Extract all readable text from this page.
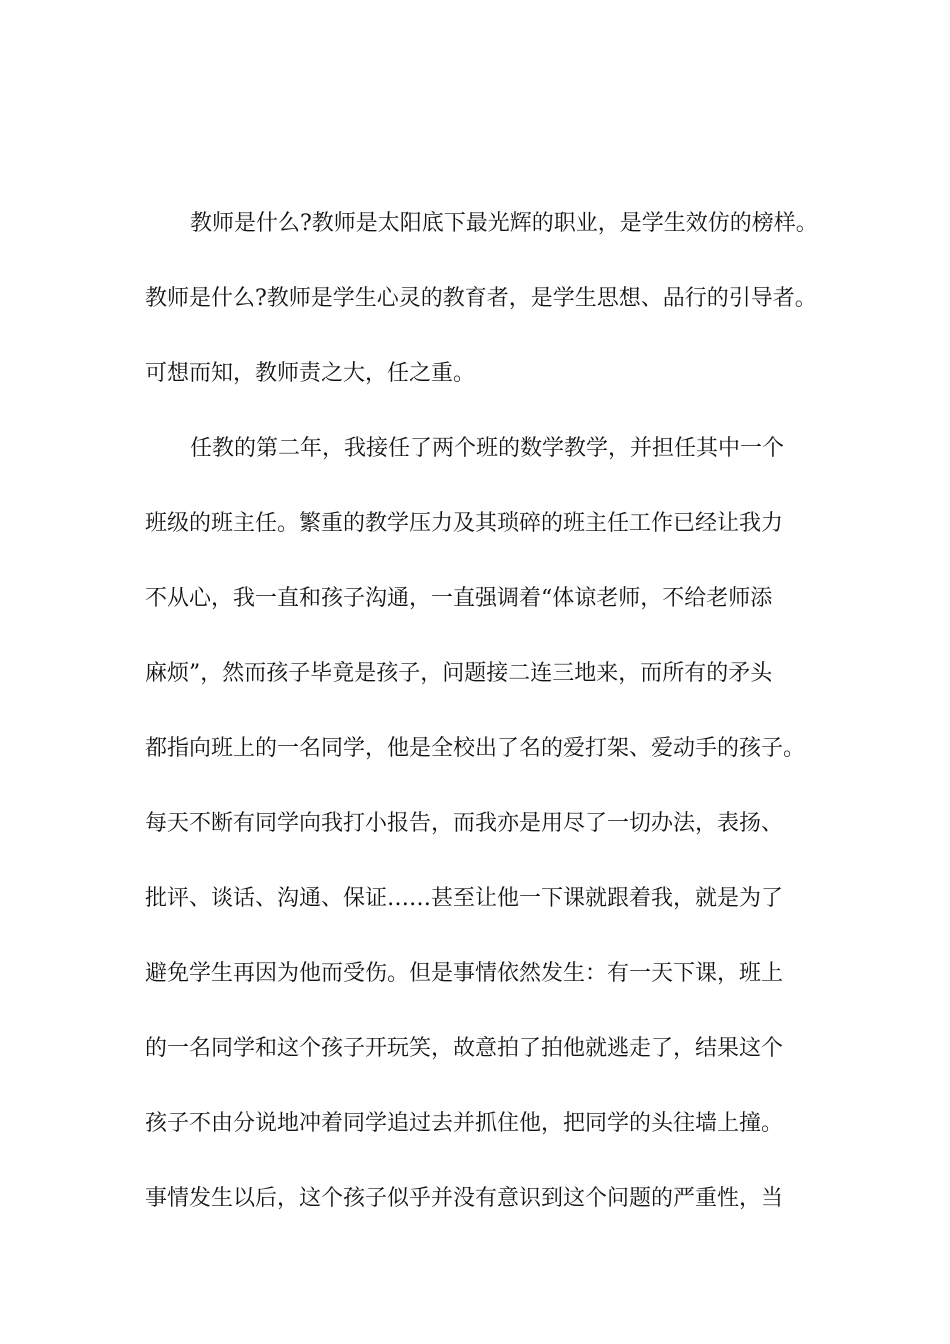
教师是什么?教师是太阳底下最光辉的职业，是学生效仿的榜样。
教师是什么?教师是学生心灵的教育者，是学生思想、品行的引导者。
可想而知，教师责之大，任之重。
任教的第二年，我接任了两个班的数学教学，并担任其中一个
班级的班主任。繁重的教学压力及其琐碎的班主任工作已经让我力
不从心，我一直和孩子沟通，一直强调着“体谅老师，不给老师添
麻烦”，然而孩子毕竟是孩子，问题接二连三地来，而所有的矛头
都指向班上的一名同学，他是全校出了名的爱打架、爱动手的孩子。
每天不断有同学向我打小报告，而我亦是用尽了一切办法，表扬、
批评、谈话、沟通、保证……甚至让他一下课就跟着我，就是为了
避免学生再因为他而受伤。但是事情依然发生：有一天下课，班上
的一名同学和这个孩子开玩笑，故意拍了拍他就逃走了，结果这个
孩子不由分说地冲着同学追过去并抓住他，把同学的头往墙上撞。
事情发生以后，这个孩子似乎并没有意识到这个问题的严重性，当
